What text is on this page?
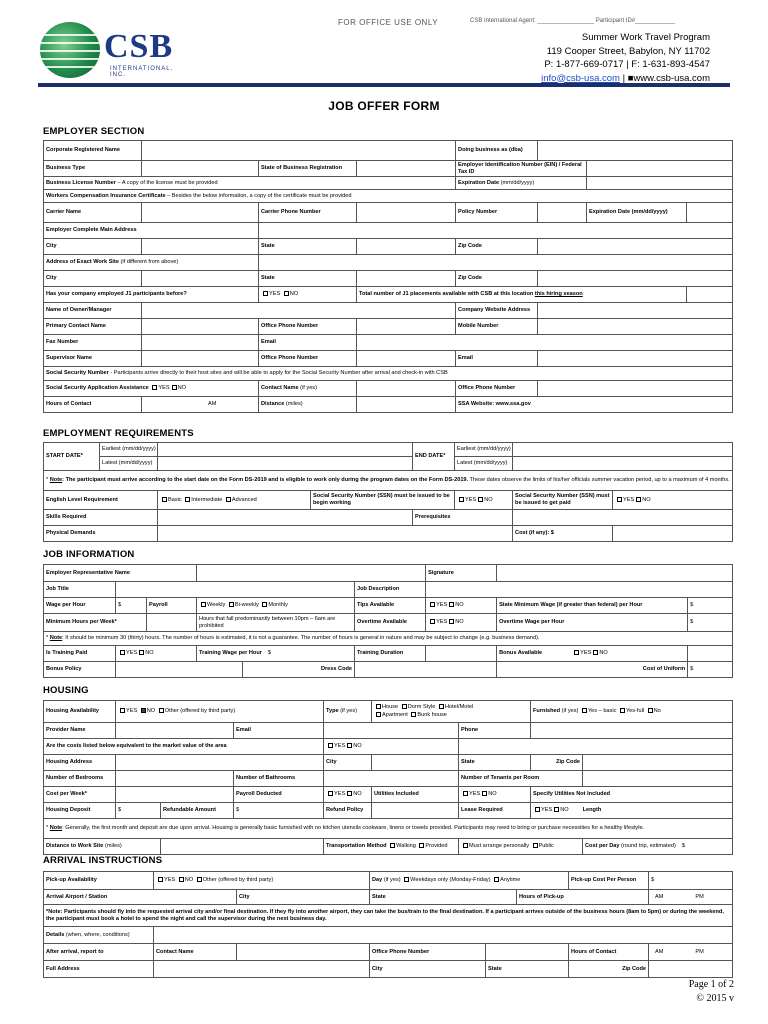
CSB
INTERNATIONAL, INC.
FOR OFFICE USE ONLY	CSB International Agent: _________________ Participant ID#____________
Summer Work Travel Program
119 Cooper Street, Babylon, NY 11702
P: 1-877-669-0717 | F: 1-631-893-4547
info@csb-usa.com | ■www.csb-usa.com
JOB OFFER FORM
EMPLOYER SECTION
Corporate Registered Name				Doing business as (dba)			
Business Type		State of Business Registration		Employer Identification Number (EIN) / Federal Tax ID			
Business License Number – A copy of the license must be provided				Expiration Date (mm/dd/yyyy)			
Workers Compensation Insurance Certificate – Besides the below information, a copy of the certificate must be provided							
Carrier Name		Carrier Phone Number		Policy Number		Expiration Date (mm/dd/yyyy)	
Employer Complete Main Address							
City		State		Zip Code			
Address of Exact Work Site (if different from above)							
City		State		Zip Code			
Has your company employed J1 participants before?		YES NO	Total number of J1 placements available with CSB at this location this hiring season				
Name of Owner/Manager				Company Website Address			
Primary Contact Name		Office Phone Number		Mobile Number			
Fax Number		Email					
Supervisor Name		Office Phone Number		Email			
Social Security Number - Participants arrive directly to their host sites and will be able to apply for the Social Security Number after arrival and check-in with CSB							
Social Security Application Assistance YES NO		Contact Name (if yes)		Office Phone Number			
Hours of Contact	AM	Distance (miles)		SSA Website: www.ssa.gov			
EMPLOYMENT REQUIREMENTS
START DATE*	Earliest (mm/dd/yyyy)			END DATE*	Earliest (mm/dd/yyyy)		
	Latest (mm/dd/yyyy)				Latest (mm/dd/yyyy)		
* Note: The participant must arrive according to the start date on the Form DS-2019 and is eligible to work only during the program dates on the Form DS-2019. These dates observe the limits of his/her officials summer vacation period, up to a maximum of 4 months.							
English Level Requirement		Basic Intermediate Advanced	Social Security Number (SSN) must be issued to be begin working		YES NO	Social Security Number (SSN) must be issued to get paid	YES NO
Skills Required				Prerequisites			
Physical Demands						Cost (if any): $	
JOB INFORMATION
Employer Representative Name						Signature		
Job Title					Job Description			
Wage per Hour	$	Payroll	Weekly Bi-weekly Monthly		Tips Available	YES NO	State Minimum Wage (if greater than federal) per Hour	$
Minimum Hours per Week*			Hours that fall predominantly between 10pm – 6am are prohibited		Overtime Available	YES NO	Overtime Wage per Hour	$
* Note: It should be minimum 30 (thirty) hours. The number of hours is estimated, it is not a guarantee. The number of hours is general in nature and may be subject to change (e.g. business demand).								
Is Training Paid	YES NO		Training Wage per Hour $		Training Duration		Bonus Available YES NO	
Bonus Policy				Dress Code			Cost of Uniform	$
HOUSING
Housing Availability	YES NO Other (offered by third party)			Type (if yes)	House Dorm Style Hotel/Motel
Apartment Bunk house		Furnished (if yes) Yes – basic Yes-full No	
Provider Name			Email			Phone		
Are the costs listed below equivalent to the market value of the area				YES NO				
Housing Address				City		State	Zip Code	
Number of Bedrooms			Number of Bathrooms			Number of Tenants per Room		
Cost per Week*			Payroll Deducted	YES NO	Utilities Included	YES NO	Specify Utilities Not Included	
Housing Deposit	$	Refundable Amount	$	Refund Policy		Lease Required	YES NO Length	
* Note: Generally, the first month and deposit are due upon arrival. Housing is generally basic furnished with no kitchen utensils cookware, linens or towels provided. Participants may need to bring or purchase necessities for a healthy lifestyle.								
Distance to Work Site (miles)				Transportation Method Walking Provided		Must arrange personally Public		Cost per Day (round trip, estimated) $
ARRIVAL INSTRUCTIONS
Pick-up Availability	YES NO Other (offered by third party)		Day (if yes) Weekdays only (Monday-Friday) Anytime			Pick-up Cost Per Person	$
Arrival Airport / Station		City	State		Hours of Pick-up		AM PM
*Note: Participants should fly into the requested arrival city and/or final destination. If they fly into another airport, they can take the bus/train to the final destination. If a participant arrives outside of the business hours (8am to 5pm) or during the weekend, the participant must book a hotel to spend the night and call the supervisor during the next business day.							
Details (when, where, conditions)							
After arrival, report to	Contact Name		Office Phone Number			Hours of Contact	AM PM
Full Address			City	State		Zip Code	
Page 1 of 2
© 2015 v
